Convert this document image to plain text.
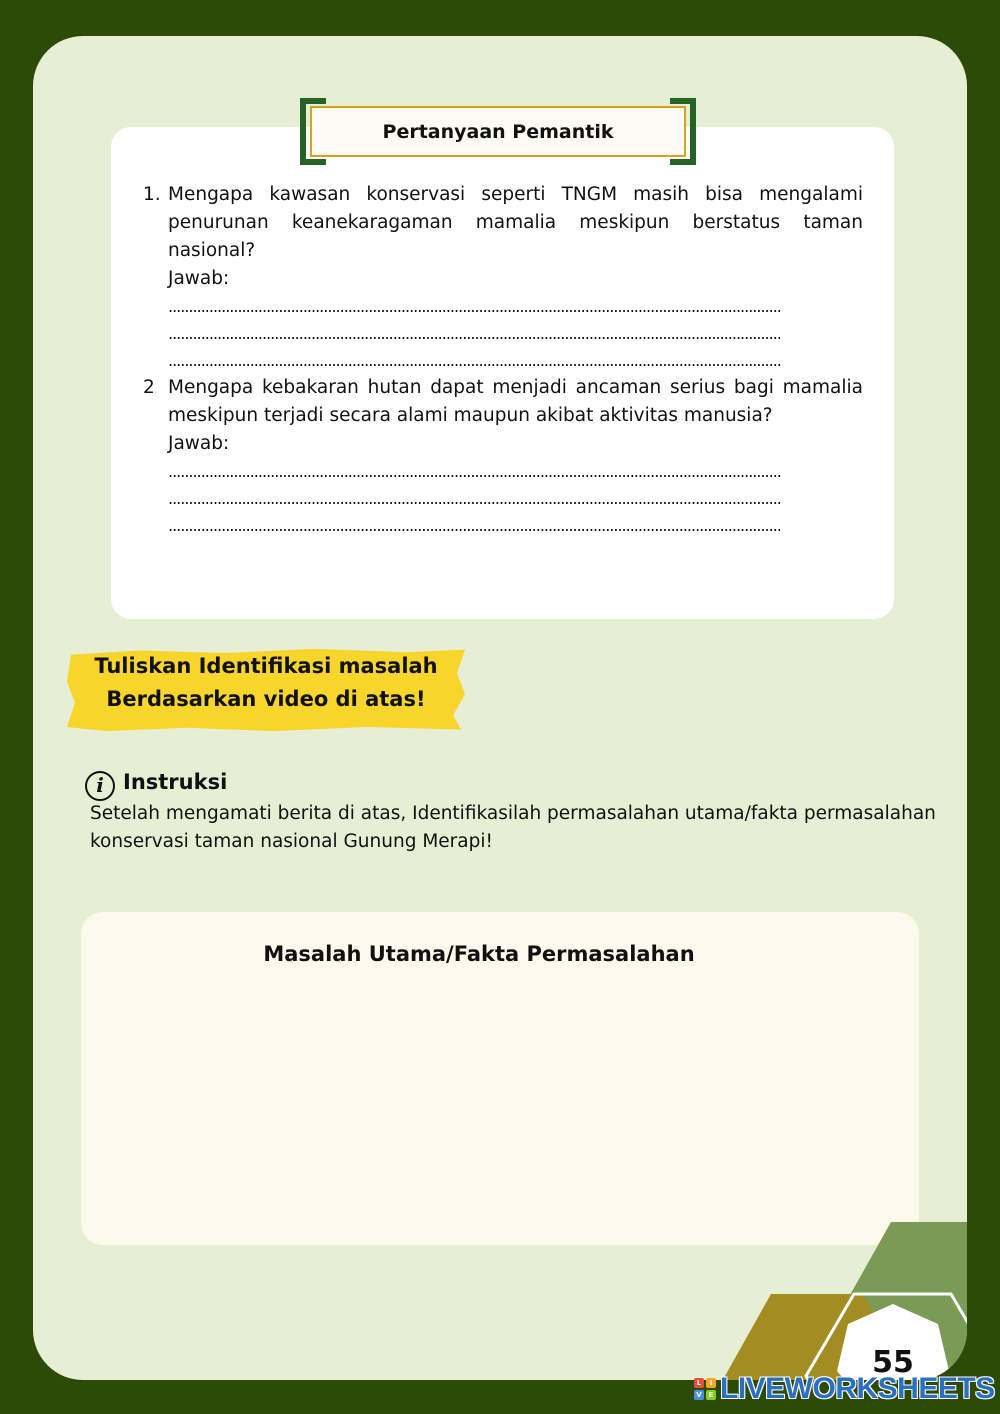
Pertanyaan Pemantik
1. Mengapa kawasan konservasi seperti TNGM masih bisa mengalami penurunan keanekaragaman mamalia meskipun berstatus taman nasional?
Jawab:
......................................................................................................................................................
......................................................................................................................................................
......................................................................................................................................................
2 Mengapa kebakaran hutan dapat menjadi ancaman serius bagi mamalia meskipun terjadi secara alami maupun akibat aktivitas manusia?
Jawab:
......................................................................................................................................................
......................................................................................................................................................
......................................................................................................................................................
Tuliskan Identifikasi masalah
Berdasarkan video di atas!
i Instruksi
Setelah mengamati berita di atas, Identifikasilah permasalahan utama/fakta permasalahan konservasi taman nasional Gunung Merapi!
Masalah Utama/Fakta Permasalahan
55
L	I
V E LIVEWORKSHEETS
